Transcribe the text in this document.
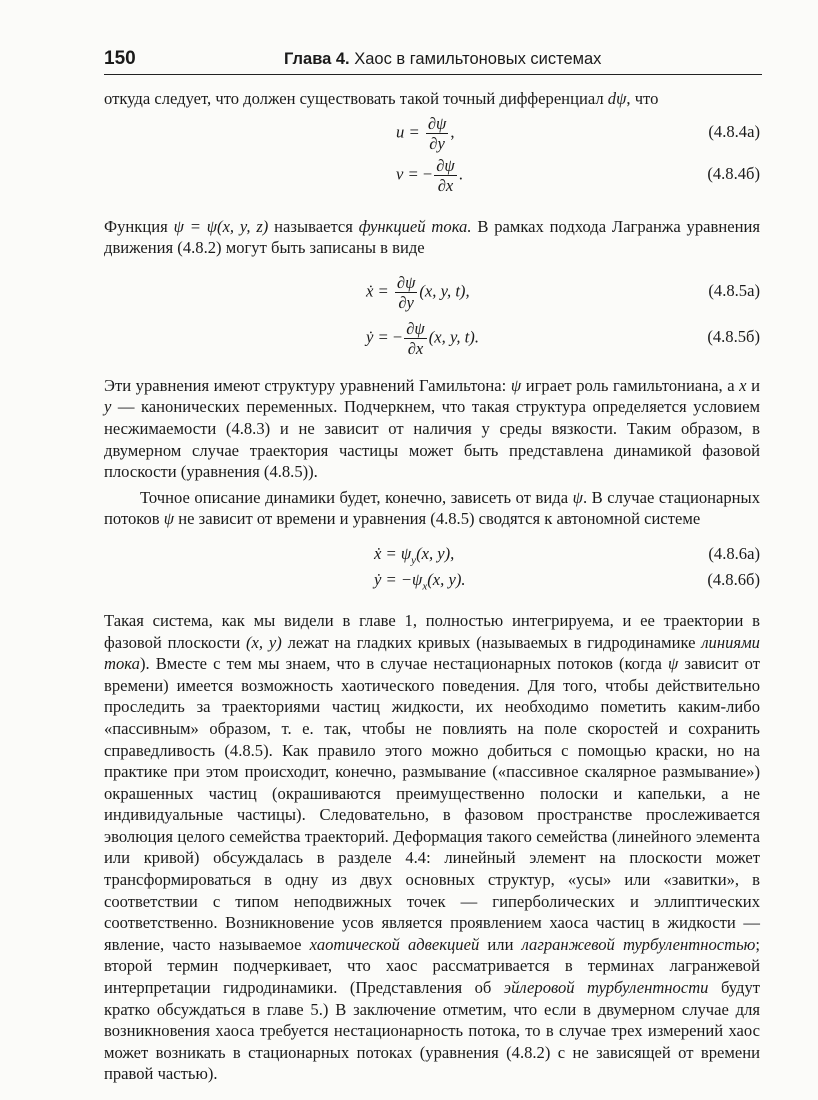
150	Глава 4. Хаос в гамильтоновых системах

откуда следует, что должен существовать такой точный дифференциал dψ, что

$u = \frac{\partial\psi}{\partial y}$ ,	(4.8.4а)
v = − $\frac{\partial\psi}{\partial x}$ .	(4.8.4б)

Функция ψ = ψ(x, y, z) называется функцией тока. В рамках подхода Лагранжа уравнения движения (4.8.2) могут быть записаны в виде

ẋ = $\frac{\partial\psi}{\partial y} (x$, y, t),	(4.8.5а)
ẏ = − $\frac{\partial\psi}{\partial x} (x$, y, t).	(4.8.5б)

Эти уравнения имеют структуру уравнений Гамильтона: ψ играет роль гамильтониана, а x и y — канонических переменных. Подчеркнем, что такая структура определяется условием несжимаемости (4.8.3) и не зависит от наличия у среды вязкости. Таким образом, в двумерном случае траектория частицы может быть представлена динамикой фазовой плоскости (уравнения (4.8.5)).

Точное описание динамики будет, конечно, зависеть от вида ψ. В случае стационарных потоков ψ не зависит от времени и уравнения (4.8.5) сводятся к автономной системе

ẋ = $\psi_y(x$, y),	(4.8.6а)
ẏ = $-\psi_x(x$, y).	(4.8.6б)

Такая система, как мы видели в главе 1, полностью интегрируема, и ее траектории в фазовой плоскости (x, y) лежат на гладких кривых (называемых в гидродинамике линиями тока). Вместе с тем мы знаем, что в случае нестационарных потоков (когда ψ зависит от времени) имеется возможность хаотического поведения. Для того, чтобы действительно проследить за траекториями частиц жидкости, их необходимо пометить каким-либо «пассивным» образом, т. е. так, чтобы не повлиять на поле скоростей и сохранить справедливость (4.8.5). Как правило этого можно добиться с помощью краски, но на практике при этом происходит, конечно, размывание («пассивное скалярное размывание») окрашенных частиц (окрашиваются преимущественно полоски и капельки, а не индивидуальные частицы). Следовательно, в фазовом пространстве прослеживается эволюция целого семейства траекторий. Деформация такого семейства (линейного элемента или кривой) обсуждалась в разделе 4.4: линейный элемент на плоскости может трансформироваться в одну из двух основных структур, «усы» или «завитки», в соответствии с типом неподвижных точек — гиперболических и эллиптических соответственно. Возникновение усов является проявлением хаоса частиц в жидкости — явление, часто называемое хаотической адвекцией или лагранжевой турбулентностью; второй термин подчеркивает, что хаос рассматривается в терминах лагранжевой интерпретации гидродинамики. (Представления об эйлеровой турбулентности будут кратко обсуждаться в главе 5.) В заключение отметим, что если в двумерном случае для возникновения хаоса требуется нестационарность потока, то в случае трех измерений хаос может возникать в стационарных потоках (уравнения (4.8.2) с не зависящей от времени правой частью).
